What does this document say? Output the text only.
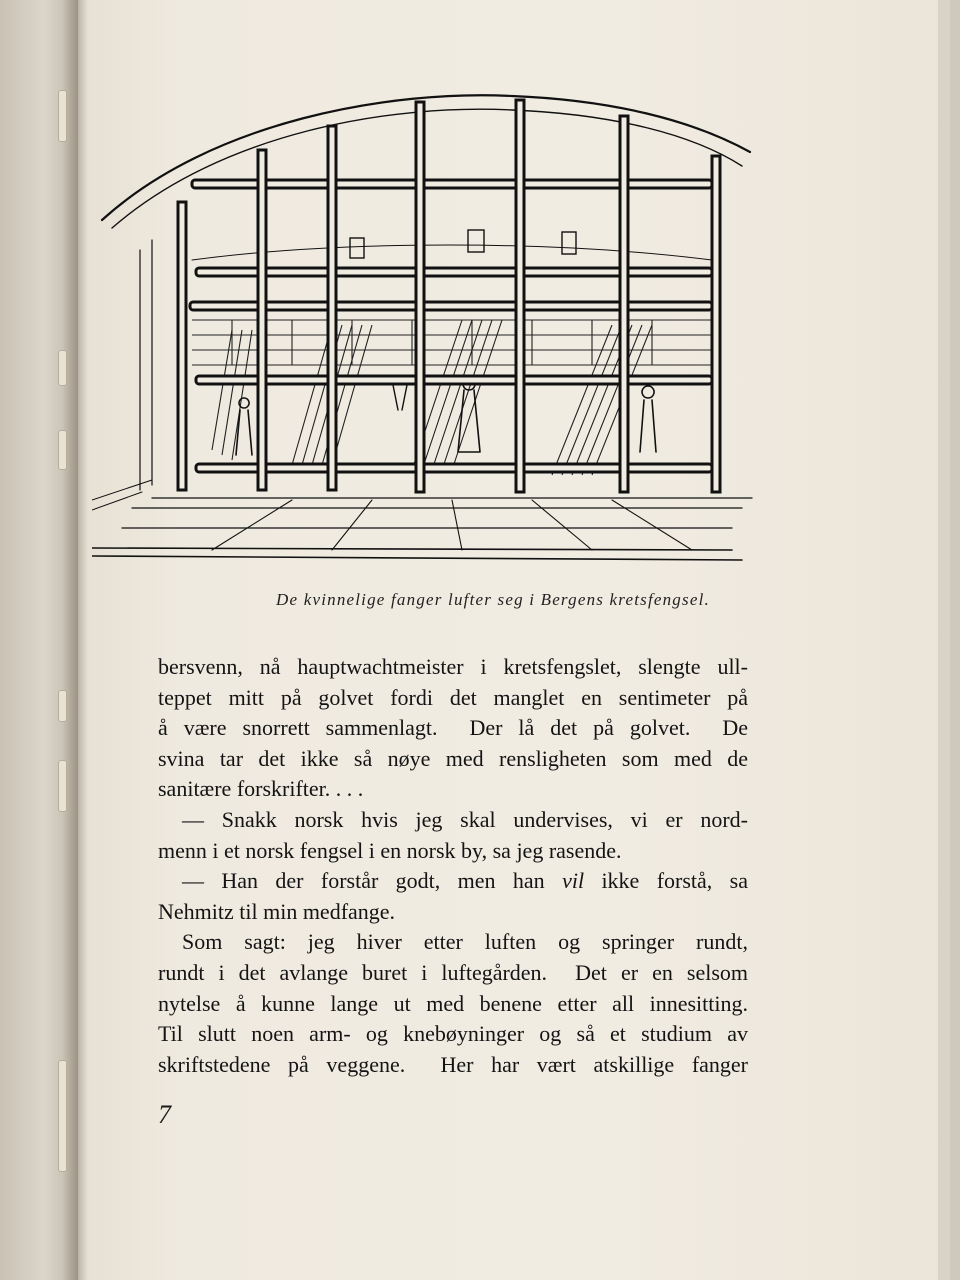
De kvinnelige fanger lufter seg i Bergens kretsfengsel.
bersvenn, nå hauptwachtmeister i kretsfengslet, slengte ull-
teppet mitt på golvet fordi det manglet en sentimeter på
å være snorrett sammenlagt.  Der lå det på golvet.  De
svina tar det ikke så nøye med rensligheten som med de
sanitære forskrifter. . . .
— Snakk norsk hvis jeg skal undervises, vi er nord-
menn i et norsk fengsel i en norsk by, sa jeg rasende.
— Han der forstår godt, men han vil ikke forstå, sa
Nehmitz til min medfange.
Som sagt: jeg hiver etter luften og springer rundt,
rundt i det avlange buret i luftegården.  Det er en selsom
nytelse å kunne lange ut med benene etter all innesitting.
Til slutt noen arm- og knebøyninger og så et studium av
skriftstedene på veggene.  Her har vært atskillige fanger
7
